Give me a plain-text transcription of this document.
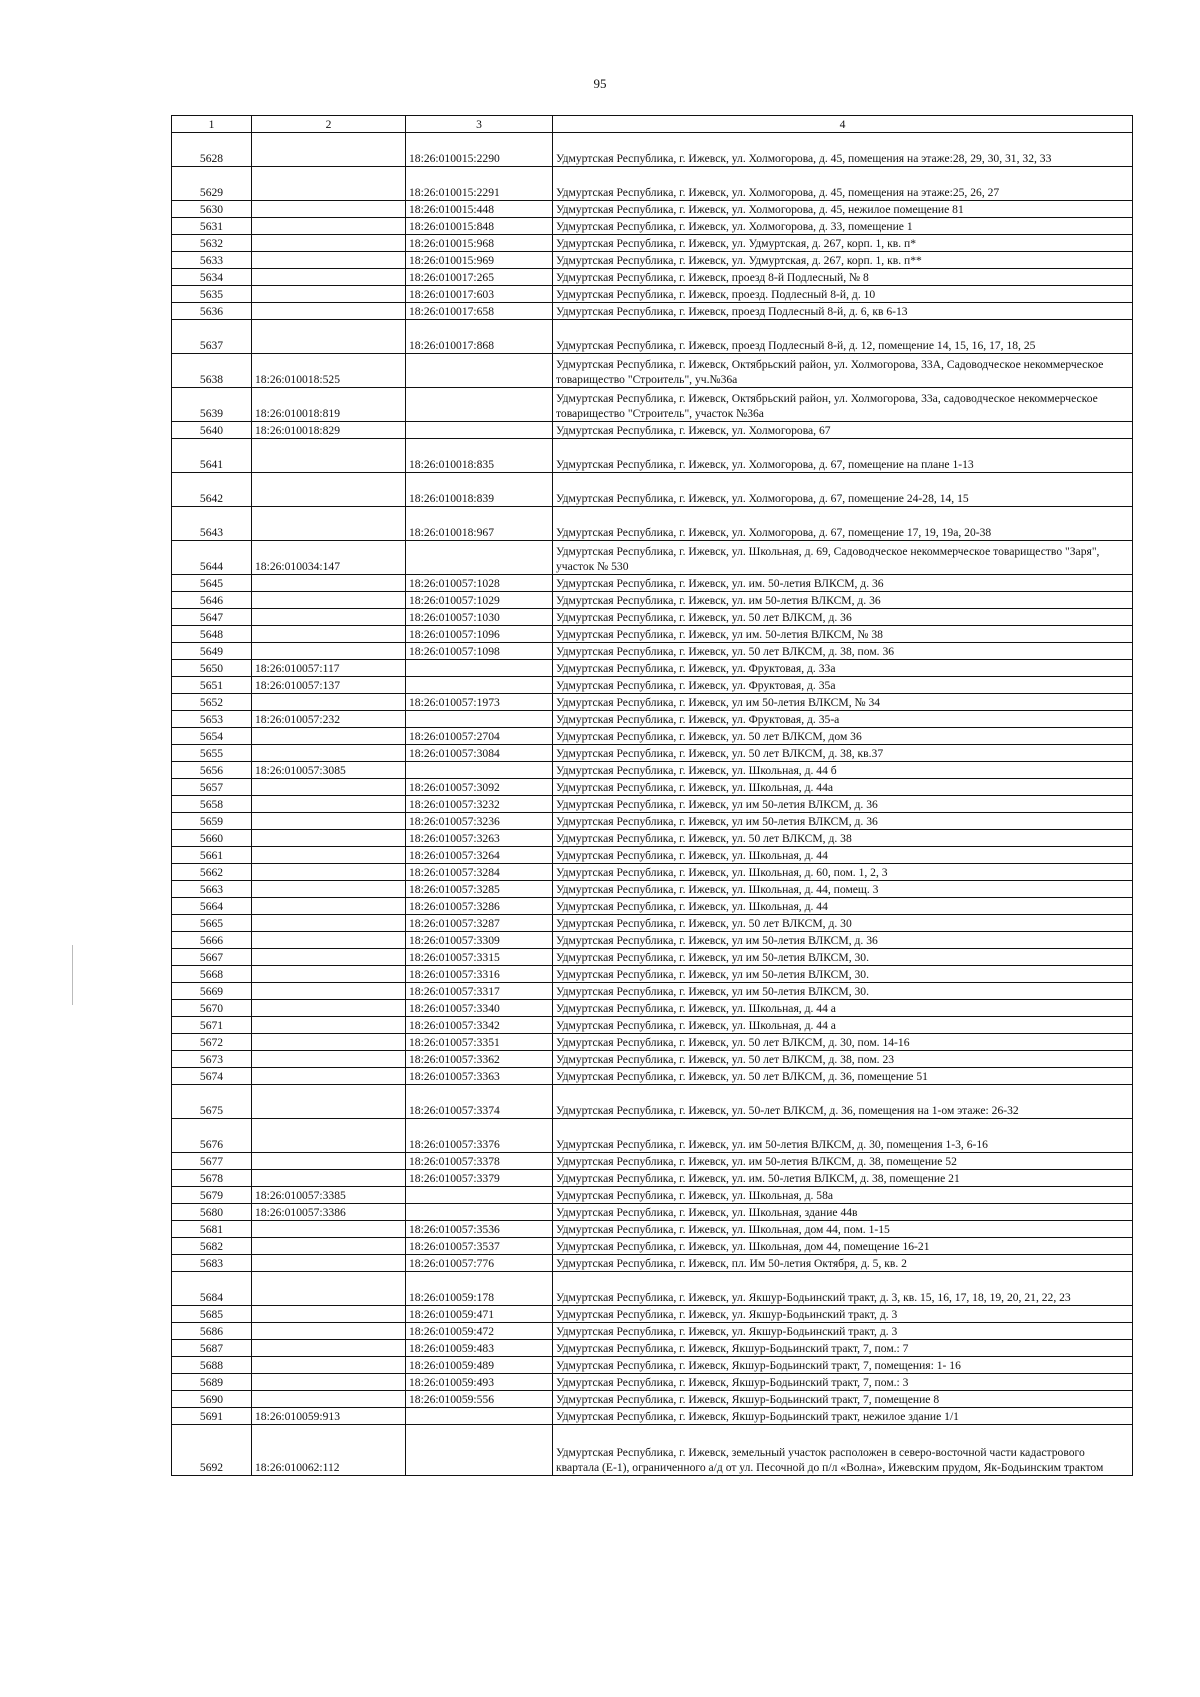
95
1	2	3	4
5628		18:26:010015:2290	Удмуртская Республика, г. Ижевск, ул. Холмогорова, д. 45, помещения на этаже:28, 29, 30, 31, 32, 33
5629		18:26:010015:2291	Удмуртская Республика, г. Ижевск, ул. Холмогорова, д. 45, помещения на этаже:25, 26, 27
5630		18:26:010015:448	Удмуртская Республика, г. Ижевск, ул. Холмогорова, д. 45, нежилое помещение 81
5631		18:26:010015:848	Удмуртская Республика, г. Ижевск, ул. Холмогорова, д. 33, помещение 1
5632		18:26:010015:968	Удмуртская Республика, г. Ижевск, ул. Удмуртская, д. 267, корп. 1, кв. п*
5633		18:26:010015:969	Удмуртская Республика, г. Ижевск, ул. Удмуртская, д. 267, корп. 1, кв. п**
5634		18:26:010017:265	Удмуртская Республика, г. Ижевск, проезд 8-й Подлесный, № 8
5635		18:26:010017:603	Удмуртская Республика, г. Ижевск, проезд. Подлесный 8-й, д. 10
5636		18:26:010017:658	Удмуртская Республика, г. Ижевск, проезд Подлесный 8-й, д. 6, кв 6-13
5637		18:26:010017:868	Удмуртская Республика, г. Ижевск, проезд Подлесный 8-й, д. 12, помещение 14, 15, 16, 17, 18, 25
5638	18:26:010018:525		Удмуртская Республика, г. Ижевск, Октябрьский район, ул. Холмогорова, 33А, Садоводческое некоммерческое товарищество "Строитель", уч.№36а
5639	18:26:010018:819		Удмуртская Республика, г. Ижевск, Октябрьский район, ул. Холмогорова, 33а, садоводческое некоммерческое товарищество "Строитель", участок №36а
5640	18:26:010018:829		Удмуртская Республика, г. Ижевск, ул. Холмогорова, 67
5641		18:26:010018:835	Удмуртская Республика, г. Ижевск, ул. Холмогорова, д. 67, помещение на плане 1-13
5642		18:26:010018:839	Удмуртская Республика, г. Ижевск, ул. Холмогорова, д. 67, помещение 24-28, 14, 15
5643		18:26:010018:967	Удмуртская Республика, г. Ижевск, ул. Холмогорова, д. 67, помещение 17, 19, 19а, 20-38
5644	18:26:010034:147		Удмуртская Республика, г. Ижевск, ул. Школьная, д. 69, Садоводческое некоммерческое товарищество "Заря", участок № 530
5645		18:26:010057:1028	Удмуртская Республика, г. Ижевск, ул. им. 50-летия ВЛКСМ, д. 36
5646		18:26:010057:1029	Удмуртская Республика, г. Ижевск, ул. им 50-летия ВЛКСМ, д. 36
5647		18:26:010057:1030	Удмуртская Республика, г. Ижевск, ул. 50 лет ВЛКСМ, д. 36
5648		18:26:010057:1096	Удмуртская Республика, г. Ижевск, ул им. 50-летия ВЛКСМ, № 38
5649		18:26:010057:1098	Удмуртская Республика, г. Ижевск, ул. 50 лет ВЛКСМ, д. 38, пом. 36
5650	18:26:010057:117		Удмуртская Республика, г. Ижевск, ул. Фруктовая, д. 33а
5651	18:26:010057:137		Удмуртская Республика, г. Ижевск, ул. Фруктовая, д. 35а
5652		18:26:010057:1973	Удмуртская Республика, г. Ижевск, ул им 50-летия ВЛКСМ, № 34
5653	18:26:010057:232		Удмуртская Республика, г. Ижевск, ул. Фруктовая, д. 35-а
5654		18:26:010057:2704	Удмуртская Республика, г. Ижевск, ул. 50 лет ВЛКСМ, дом 36
5655		18:26:010057:3084	Удмуртская Республика, г. Ижевск, ул. 50 лет ВЛКСМ, д. 38, кв.37
5656	18:26:010057:3085		Удмуртская Республика, г. Ижевск, ул. Школьная, д. 44 б
5657		18:26:010057:3092	Удмуртская Республика, г. Ижевск, ул. Школьная, д. 44а
5658		18:26:010057:3232	Удмуртская Республика, г. Ижевск, ул им 50-летия ВЛКСМ, д. 36
5659		18:26:010057:3236	Удмуртская Республика, г. Ижевск, ул им 50-летия ВЛКСМ, д. 36
5660		18:26:010057:3263	Удмуртская Республика, г. Ижевск, ул. 50 лет ВЛКСМ, д. 38
5661		18:26:010057:3264	Удмуртская Республика, г. Ижевск, ул. Школьная, д. 44
5662		18:26:010057:3284	Удмуртская Республика, г. Ижевск, ул. Школьная, д. 60, пом. 1, 2, 3
5663		18:26:010057:3285	Удмуртская Республика, г. Ижевск, ул. Школьная, д. 44, помещ. 3
5664		18:26:010057:3286	Удмуртская Республика, г. Ижевск, ул. Школьная, д. 44
5665		18:26:010057:3287	Удмуртская Республика, г. Ижевск, ул. 50 лет ВЛКСМ, д. 30
5666		18:26:010057:3309	Удмуртская Республика, г. Ижевск, ул им 50-летия ВЛКСМ, д. 36
5667		18:26:010057:3315	Удмуртская Республика, г. Ижевск, ул им 50-летия ВЛКСМ, 30.
5668		18:26:010057:3316	Удмуртская Республика, г. Ижевск, ул им 50-летия ВЛКСМ, 30.
5669		18:26:010057:3317	Удмуртская Республика, г. Ижевск, ул им 50-летия ВЛКСМ, 30.
5670		18:26:010057:3340	Удмуртская Республика, г. Ижевск, ул. Школьная, д. 44 а
5671		18:26:010057:3342	Удмуртская Республика, г. Ижевск, ул. Школьная, д. 44 а
5672		18:26:010057:3351	Удмуртская Республика, г. Ижевск, ул. 50 лет ВЛКСМ, д. 30, пом. 14-16
5673		18:26:010057:3362	Удмуртская Республика, г. Ижевск, ул. 50 лет ВЛКСМ, д. 38, пом. 23
5674		18:26:010057:3363	Удмуртская Республика, г. Ижевск, ул. 50 лет ВЛКСМ, д. 36, помещение 51
5675		18:26:010057:3374	Удмуртская Республика, г. Ижевск, ул. 50-лет ВЛКСМ, д. 36, помещения на 1-ом этаже: 26-32
5676		18:26:010057:3376	Удмуртская Республика, г. Ижевск, ул. им 50-летия ВЛКСМ, д. 30, помещения 1-3, 6-16
5677		18:26:010057:3378	Удмуртская Республика, г. Ижевск, ул. им 50-летия ВЛКСМ, д. 38, помещение 52
5678		18:26:010057:3379	Удмуртская Республика, г. Ижевск, ул. им. 50-летия ВЛКСМ, д. 38, помещение 21
5679	18:26:010057:3385		Удмуртская Республика, г. Ижевск, ул. Школьная, д. 58а
5680	18:26:010057:3386		Удмуртская Республика, г. Ижевск, ул. Школьная, здание 44в
5681		18:26:010057:3536	Удмуртская Республика, г. Ижевск, ул. Школьная, дом 44, пом. 1-15
5682		18:26:010057:3537	Удмуртская Республика, г. Ижевск, ул. Школьная, дом 44, помещение 16-21
5683		18:26:010057:776	Удмуртская Республика, г. Ижевск, пл. Им 50-летия Октября, д. 5, кв. 2
5684		18:26:010059:178	Удмуртская Республика, г. Ижевск, ул. Якшур-Бодьинский тракт, д. 3, кв. 15, 16, 17, 18, 19, 20, 21, 22, 23
5685		18:26:010059:471	Удмуртская Республика, г. Ижевск, ул. Якшур-Бодьинский тракт, д. 3
5686		18:26:010059:472	Удмуртская Республика, г. Ижевск, ул. Якшур-Бодьинский тракт, д. 3
5687		18:26:010059:483	Удмуртская Республика, г. Ижевск, Якшур-Бодьинский тракт, 7, пом.: 7
5688		18:26:010059:489	Удмуртская Республика, г. Ижевск, Якшур-Бодьинский тракт, 7, помещения: 1- 16
5689		18:26:010059:493	Удмуртская Республика, г. Ижевск, Якшур-Бодьинский тракт, 7, пом.: 3
5690		18:26:010059:556	Удмуртская Республика, г. Ижевск, Якшур-Бодьинский тракт, 7, помещение 8
5691	18:26:010059:913		Удмуртская Республика, г. Ижевск, Якшур-Бодьинский тракт, нежилое здание 1/1
5692	18:26:010062:112		Удмуртская Республика, г. Ижевск, земельный участок расположен в северо-восточной части кадастрового квартала (Е-1), ограниченного а/д от ул. Песочной до п/л «Волна», Ижевским прудом, Як-Бодьинским трактом
